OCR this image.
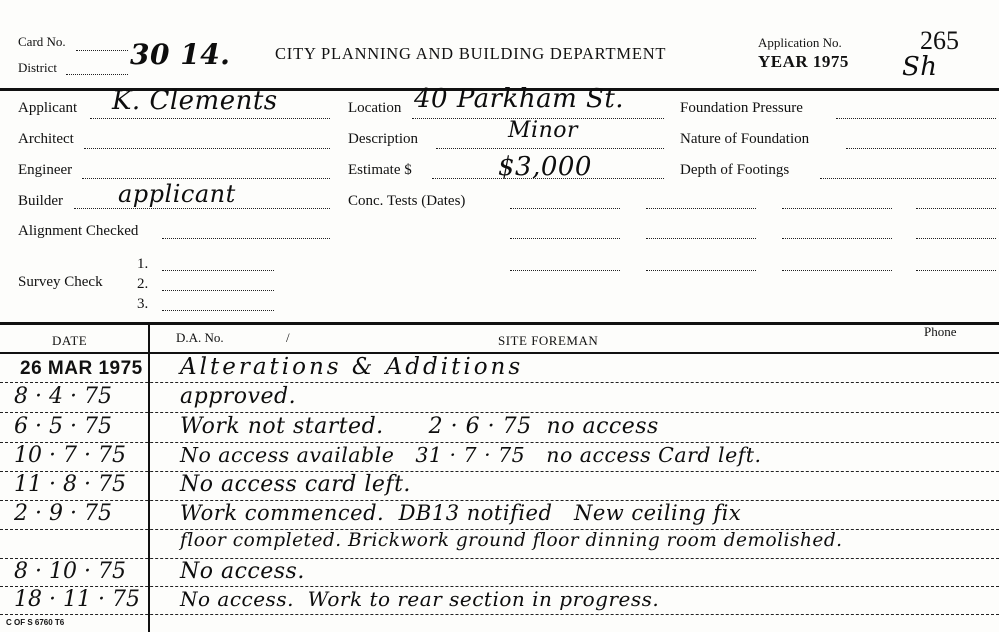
Card No.
District	30 14.	CITY PLANNING AND BUILDING DEPARTMENT
Application No.
YEAR 1975
265
Sh
Applicant K. Clements
Architect
Engineer
Builder applicant
Alignment Checked
Survey Check
1.
2.
3.
Location 40 Parkham St.
Description	Minor
Estimate $	$3,000
Conc. Tests (Dates)
Foundation Pressure
Nature of Foundation
Depth of Footings
DATE	D.A. No.	/	SITE FOREMAN
Phone
26 MAR 1975 Alterations & Additions
8 · 4 · 75	approved.
6 · 5 · 75	Work not started.      2 · 6 · 75  no access
10 · 7 · 75	No access available   31 · 7 · 75   no access Card left.
11 · 8 · 75 No access card left.
2 · 9 · 75	Work commenced.  DB13 notified   New ceiling fix
floor completed. Brickwork ground floor dinning room demolished.
8 · 10 · 75 No access.
18 · 11 · 75 No access.  Work to rear section in progress.
C OF S 6760 T6
